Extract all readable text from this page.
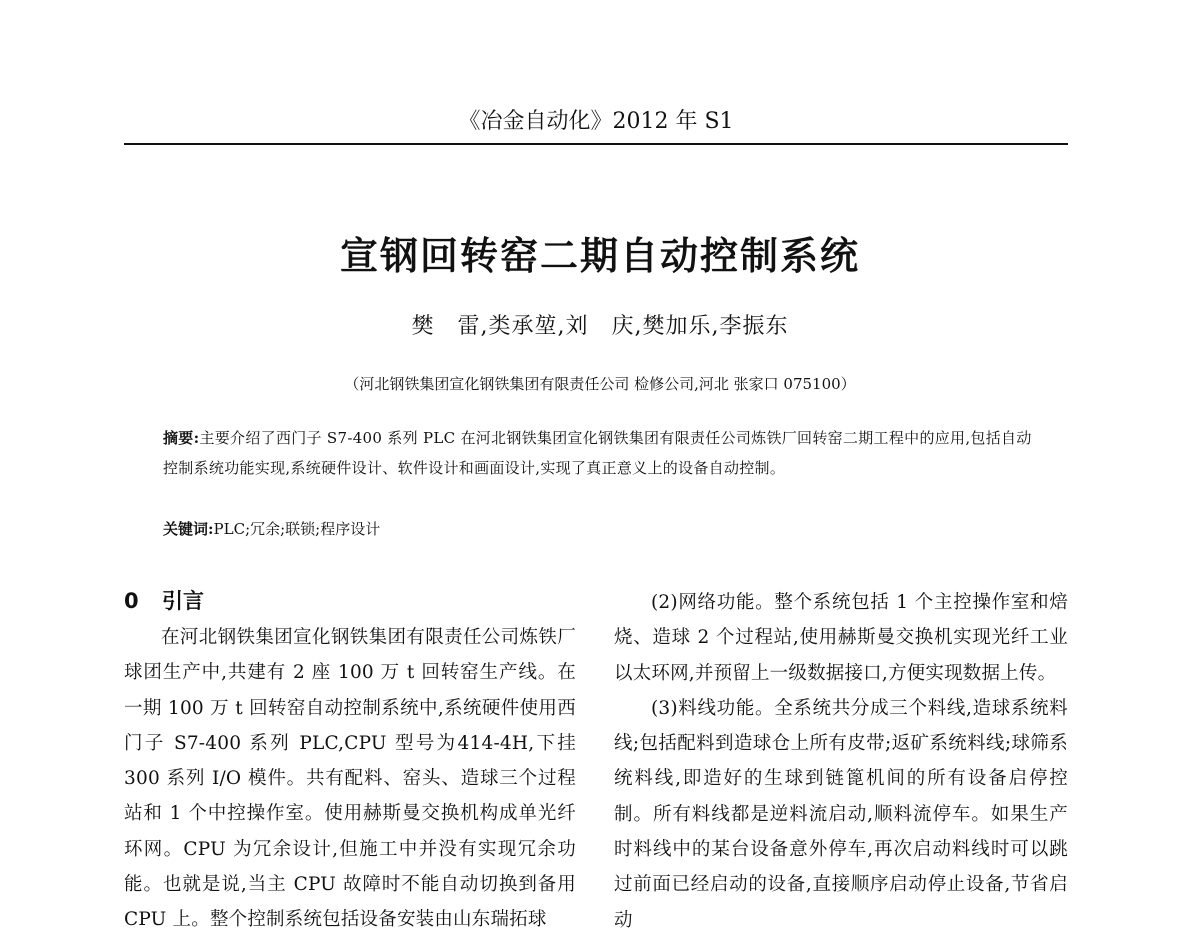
《冶金自动化》2012 年 S1
宣钢回转窑二期自动控制系统
樊　雷,类承堃,刘　庆,樊加乐,李振东
（河北钢铁集团宣化钢铁集团有限责任公司 检修公司,河北 张家口 075100）
摘要:主要介绍了西门子 S7-400 系列 PLC 在河北钢铁集团宣化钢铁集团有限责任公司炼铁厂回转窑二期工程中的应用,包括自动控制系统功能实现,系统硬件设计、软件设计和画面设计,实现了真正意义上的设备自动控制。
关键词:PLC;冗余;联锁;程序设计
0 引言

在河北钢铁集团宣化钢铁集团有限责任公司炼铁厂球团生产中,共建有 2 座 100 万 t 回转窑生产线。在一期 100 万 t 回转窑自动控制系统中,系统硬件使用西门子 S7-400 系列 PLC,CPU 型号为414-4H,下挂300 系列 I/O 模件。共有配料、窑头、造球三个过程站和 1 个中控操作室。使用赫斯曼交换机构成单光纤环网。CPU 为冗余设计,但施工中并没有实现冗余功能。也就是说,当主 CPU 故障时不能自动切换到备用 CPU 上。整个控制系统包括设备安装由山东瑞拓球

(2)网络功能。整个系统包括 1 个主控操作室和焙烧、造球 2 个过程站,使用赫斯曼交换机实现光纤工业以太环网,并预留上一级数据接口,方便实现数据上传。

(3)料线功能。全系统共分成三个料线,造球系统料线;包括配料到造球仓上所有皮带;返矿系统料线;球筛系统料线,即造好的生球到链篦机间的所有设备启停控制。所有料线都是逆料流启动,顺料流停车。如果生产时料线中的某台设备意外停车,再次启动料线时可以跳过前面已经启动的设备,直接顺序启动停止设备,节省启动
